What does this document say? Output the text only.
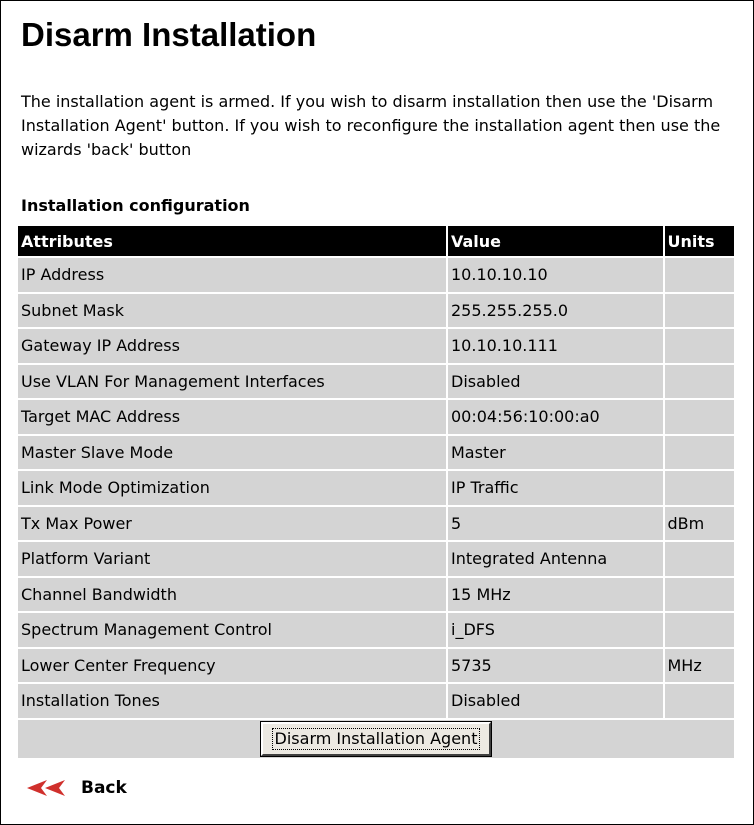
Disarm Installation

The installation agent is armed. If you wish to disarm installation then use the 'Disarm Installation Agent' button. If you wish to reconfigure the installation agent then use the wizards 'back' button

Installation configuration
Attributes	Value	Units
IP Address	10.10.10.10	
Subnet Mask	255.255.255.0	
Gateway IP Address	10.10.10.111	
Use VLAN For Management Interfaces	Disabled	
Target MAC Address	00:04:56:10:00:a0	
Master Slave Mode	Master	
Link Mode Optimization	IP Traffic	
Tx Max Power	5	dBm
Platform Variant	Integrated Antenna	
Channel Bandwidth	15 MHz	
Spectrum Management Control	i_DFS	
Lower Center Frequency	5735	MHz
Installation Tones	Disabled	
Disarm Installation Agent		
Back
